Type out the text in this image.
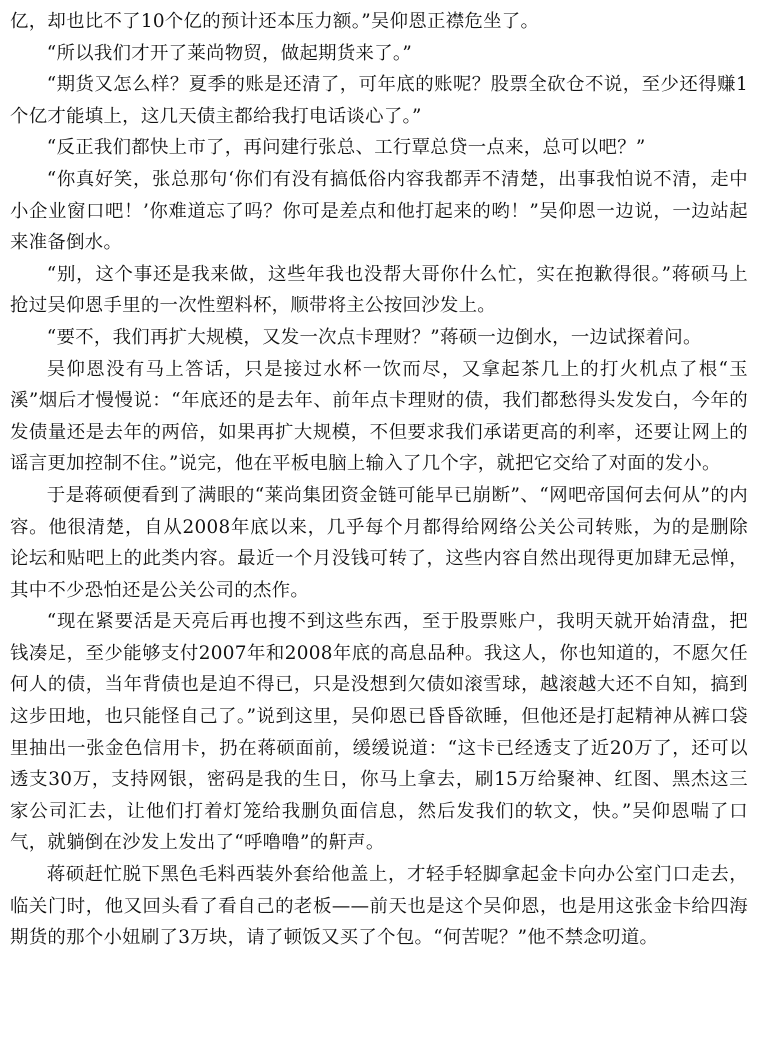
亿，却也比不了10个亿的预计还本压力额。”吴仰恩正襟危坐了。

“所以我们才开了莱尚物贸，做起期货来了。”

“期货又怎么样？夏季的账是还清了，可年底的账呢？股票全砍仓不说，至少还得赚1个亿才能填上，这几天债主都给我打电话谈心了。”

“反正我们都快上市了，再问建行张总、工行覃总贷一点来，总可以吧？”

“你真好笑，张总那句‘你们有没有搞低俗内容我都弄不清楚，出事我怕说不清，走中小企业窗口吧！’你难道忘了吗？你可是差点和他打起来的哟！”吴仰恩一边说，一边站起来准备倒水。

“别，这个事还是我来做，这些年我也没帮大哥你什么忙，实在抱歉得很。”蒋硕马上抢过吴仰恩手里的一次性塑料杯，顺带将主公按回沙发上。

“要不，我们再扩大规模，又发一次点卡理财？”蒋硕一边倒水，一边试探着问。

吴仰恩没有马上答话，只是接过水杯一饮而尽，又拿起茶几上的打火机点了根“玉溪”烟后才慢慢说：“年底还的是去年、前年点卡理财的债，我们都愁得头发发白，今年的发债量还是去年的两倍，如果再扩大规模，不但要求我们承诺更高的利率，还要让网上的谣言更加控制不住。”说完，他在平板电脑上输入了几个字，就把它交给了对面的发小。

于是蒋硕便看到了满眼的“莱尚集团资金链可能早已崩断”、“网吧帝国何去何从”的内容。他很清楚，自从2008年底以来，几乎每个月都得给网络公关公司转账，为的是删除论坛和贴吧上的此类内容。最近一个月没钱可转了，这些内容自然出现得更加肆无忌惮，其中不少恐怕还是公关公司的杰作。

“现在紧要活是天亮后再也搜不到这些东西，至于股票账户，我明天就开始清盘，把钱凑足，至少能够支付2007年和2008年底的高息品种。我这人，你也知道的，不愿欠任何人的债，当年背债也是迫不得已，只是没想到欠债如滚雪球，越滚越大还不自知，搞到这步田地，也只能怪自己了。”说到这里，吴仰恩已昏昏欲睡，但他还是打起精神从裤口袋里抽出一张金色信用卡，扔在蒋硕面前，缓缓说道：“这卡已经透支了近20万了，还可以透支30万，支持网银，密码是我的生日，你马上拿去，刷15万给聚神、红图、黑杰这三家公司汇去，让他们打着灯笼给我删负面信息，然后发我们的软文，快。”吴仰恩喘了口气，就躺倒在沙发上发出了“呼噜噜”的鼾声。

蒋硕赶忙脱下黑色毛料西装外套给他盖上，才轻手轻脚拿起金卡向办公室门口走去，临关门时，他又回头看了看自己的老板——前天也是这个吴仰恩，也是用这张金卡给四海期货的那个小妞刷了3万块，请了顿饭又买了个包。“何苦呢？”他不禁念叨道。
